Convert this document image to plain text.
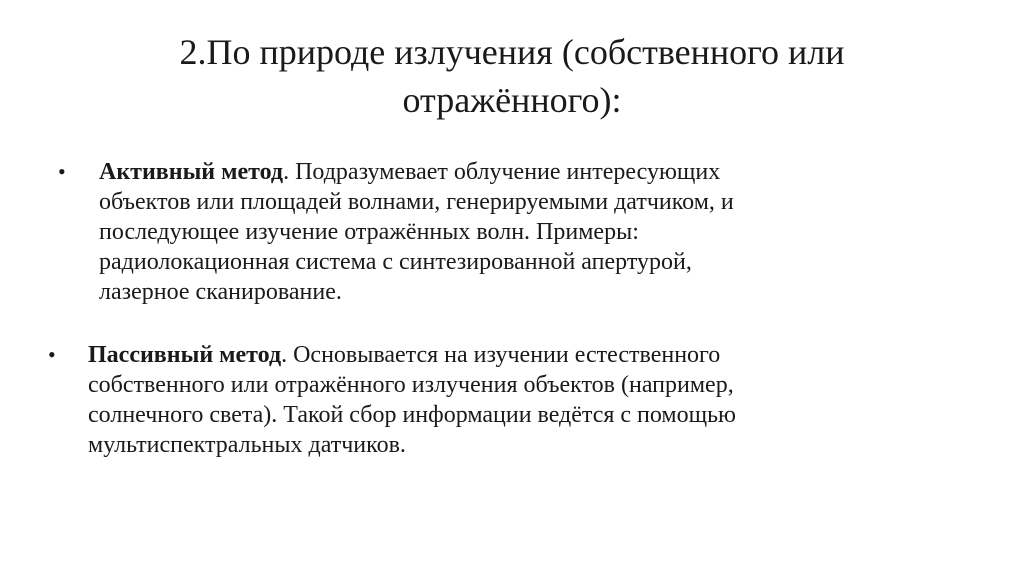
2.По природе излучения (собственного или
отражённого):
• Активный метод. Подразумевает облучение интересующих
объектов или площадей волнами, генерируемыми датчиком, и
последующее изучение отражённых волн. Примеры:
радиолокационная система с синтезированной апертурой,
лазерное сканирование.
• Пассивный метод. Основывается на изучении естественного
собственного или отражённого излучения объектов (например,
солнечного света). Такой сбор информации ведётся с помощью
мультиспектральных датчиков.
